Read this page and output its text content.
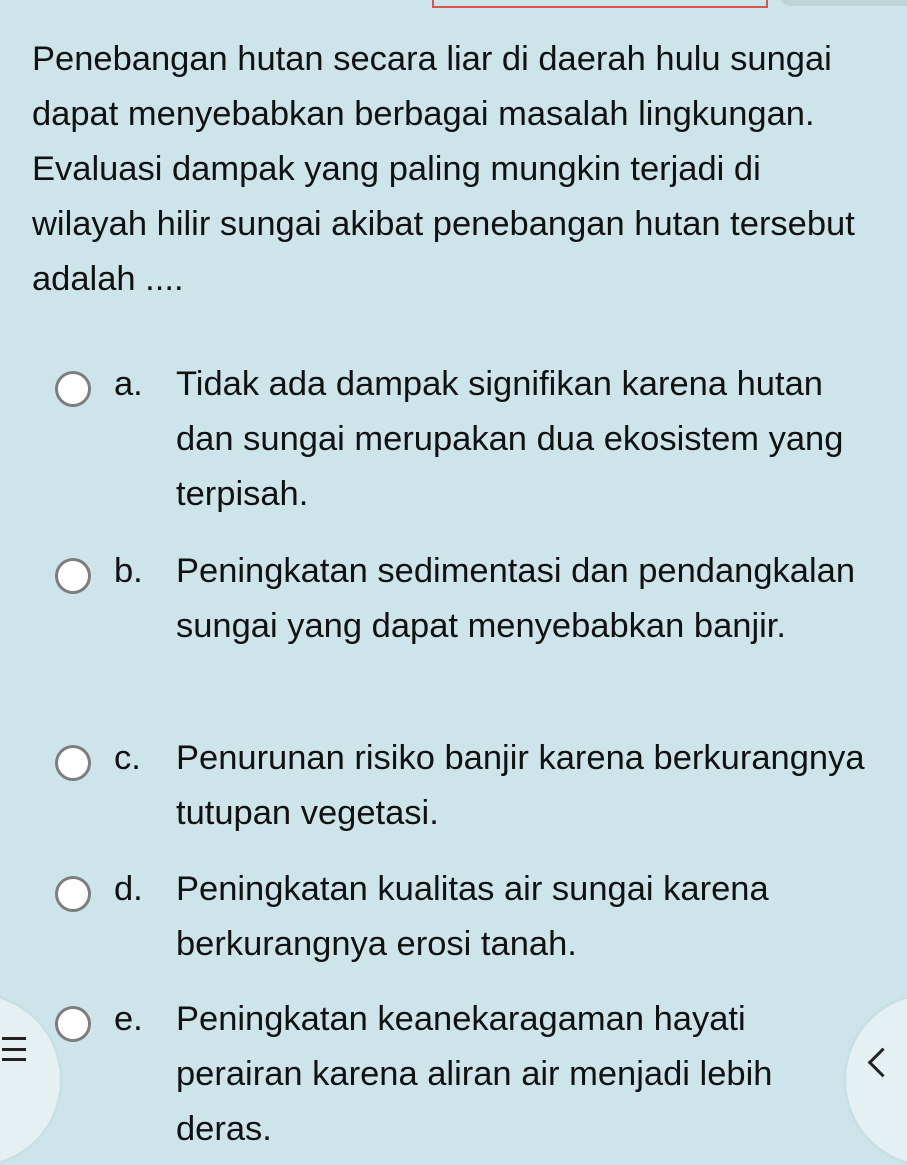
Penebangan hutan secara liar di daerah hulu sungai dapat menyebabkan berbagai masalah lingkungan. Evaluasi dampak yang paling mungkin terjadi di wilayah hilir sungai akibat penebangan hutan tersebut adalah ....

a. Tidak ada dampak signifikan karena hutan dan sungai merupakan dua ekosistem yang terpisah.
b. Peningkatan sedimentasi dan pendangkalan sungai yang dapat menyebabkan banjir.
c.	Penurunan risiko banjir karena berkurangnya tutupan vegetasi.
d. Peningkatan kualitas air sungai karena berkurangnya erosi tanah.
e. Peningkatan keanekaragaman hayati perairan karena aliran air menjadi lebih deras.
